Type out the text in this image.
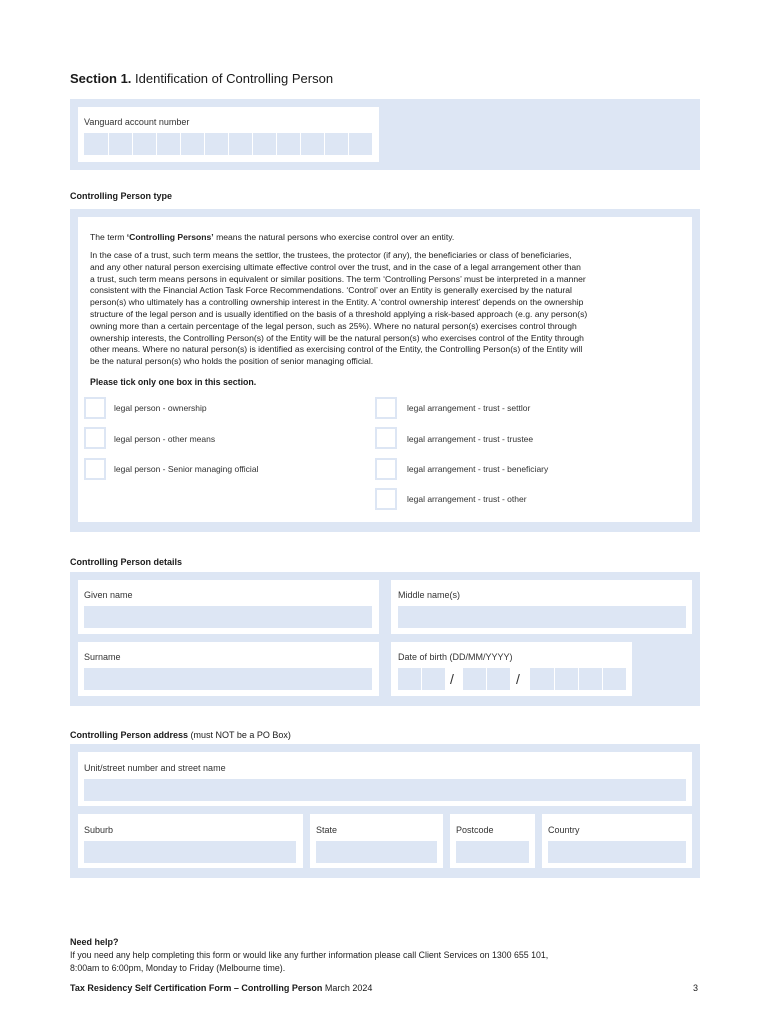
Section 1. Identification of Controlling Person
Vanguard account number
Controlling Person type
The term ‘Controlling Persons’ means the natural persons who exercise control over an entity.
In the case of a trust, such term means the settlor, the trustees, the protector (if any), the beneficiaries or class of beneficiaries,
and any other natural person exercising ultimate effective control over the trust, and in the case of a legal arrangement other than
a trust, such term means persons in equivalent or similar positions. The term ‘Controlling Persons’ must be interpreted in a manner
consistent with the Financial Action Task Force Recommendations. ‘Control’ over an Entity is generally exercised by the natural
person(s) who ultimately has a controlling ownership interest in the Entity. A ‘control ownership interest’ depends on the ownership
structure of the legal person and is usually identified on the basis of a threshold applying a risk-based approach (e.g. any person(s)
owning more than a certain percentage of the legal person, such as 25%). Where no natural person(s) exercises control through
ownership interests, the Controlling Person(s) of the Entity will be the natural person(s) who exercises control of the Entity through
other means. Where no natural person(s) is identified as exercising control of the Entity, the Controlling Person(s) of the Entity will
be the natural person(s) who holds the position of senior managing official.
Please tick only one box in this section.
legal person - ownership
legal person - other means
legal person - Senior managing official
legal arrangement - trust - settlor
legal arrangement - trust - trustee
legal arrangement - trust - beneficiary
legal arrangement - trust - other
Controlling Person details
Given name	Middle name(s)
Surname	Date of birth (DD/MM/YYYY)
/	/
Controlling Person address (must NOT be a PO Box)
Unit/street number and street name
Suburb	State	Postcode	Country
Need help?
If you need any help completing this form or would like any further information please call Client Services on 1300 655 101,
8:00am to 6:00pm, Monday to Friday (Melbourne time).
Tax Residency Self Certification Form – Controlling Person March 2024	3
